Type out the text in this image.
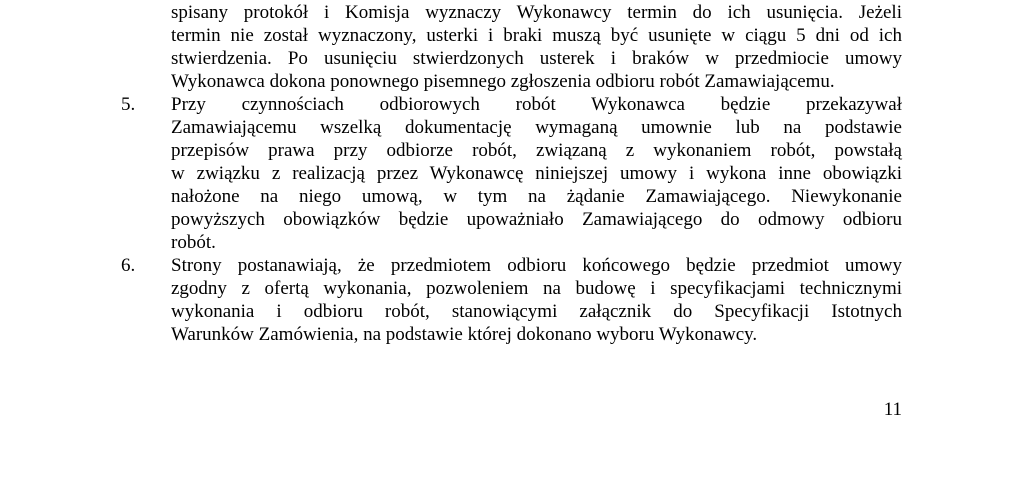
spisany protokół i Komisja wyznaczy Wykonawcy termin do ich usunięcia. Jeżeli
termin nie został wyznaczony, usterki i braki muszą być usunięte w ciągu 5 dni od ich
stwierdzenia. Po usunięciu stwierdzonych usterek i braków w przedmiocie umowy
Wykonawca dokona ponownego pisemnego zgłoszenia odbioru robót Zamawiającemu.
5.	Przy czynnościach odbiorowych robót Wykonawca będzie przekazywał
Zamawiającemu wszelką dokumentację wymaganą umownie lub na podstawie
przepisów prawa przy odbiorze robót, związaną z wykonaniem robót, powstałą
w związku z realizacją przez Wykonawcę niniejszej umowy i wykona inne obowiązki
nałożone na niego umową, w tym na żądanie Zamawiającego. Niewykonanie
powyższych obowiązków będzie upoważniało Zamawiającego do odmowy odbioru
robót.
6.	Strony postanawiają, że przedmiotem odbioru końcowego będzie przedmiot umowy
zgodny z ofertą wykonania, pozwoleniem na budowę i specyfikacjami technicznymi
wykonania i odbioru robót, stanowiącymi załącznik do Specyfikacji Istotnych
Warunków Zamówienia, na podstawie której dokonano wyboru Wykonawcy.
11
